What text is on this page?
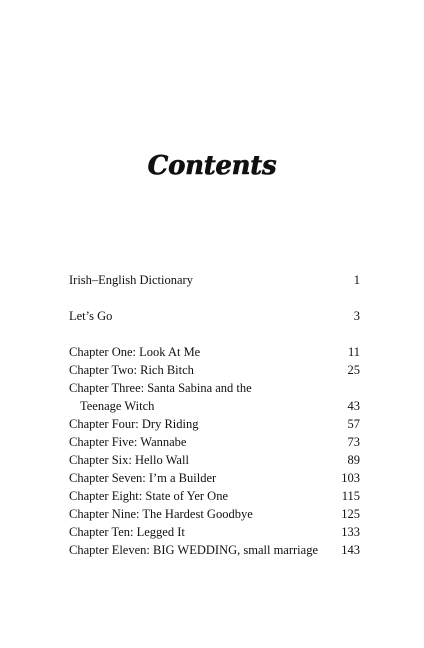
Contents
Irish–English Dictionary	1
Let’s Go	3
Chapter One: Look At Me	11
Chapter Two: Rich Bitch	25
Chapter Three: Santa Sabina and the
Teenage Witch	43
Chapter Four: Dry Riding	57
Chapter Five: Wannabe	73
Chapter Six: Hello Wall	89
Chapter Seven: I’m a Builder	103
Chapter Eight: State of Yer One	115
Chapter Nine: The Hardest Goodbye	125
Chapter Ten: Legged It	133
Chapter Eleven: BIG WEDDING, small marriage 143
